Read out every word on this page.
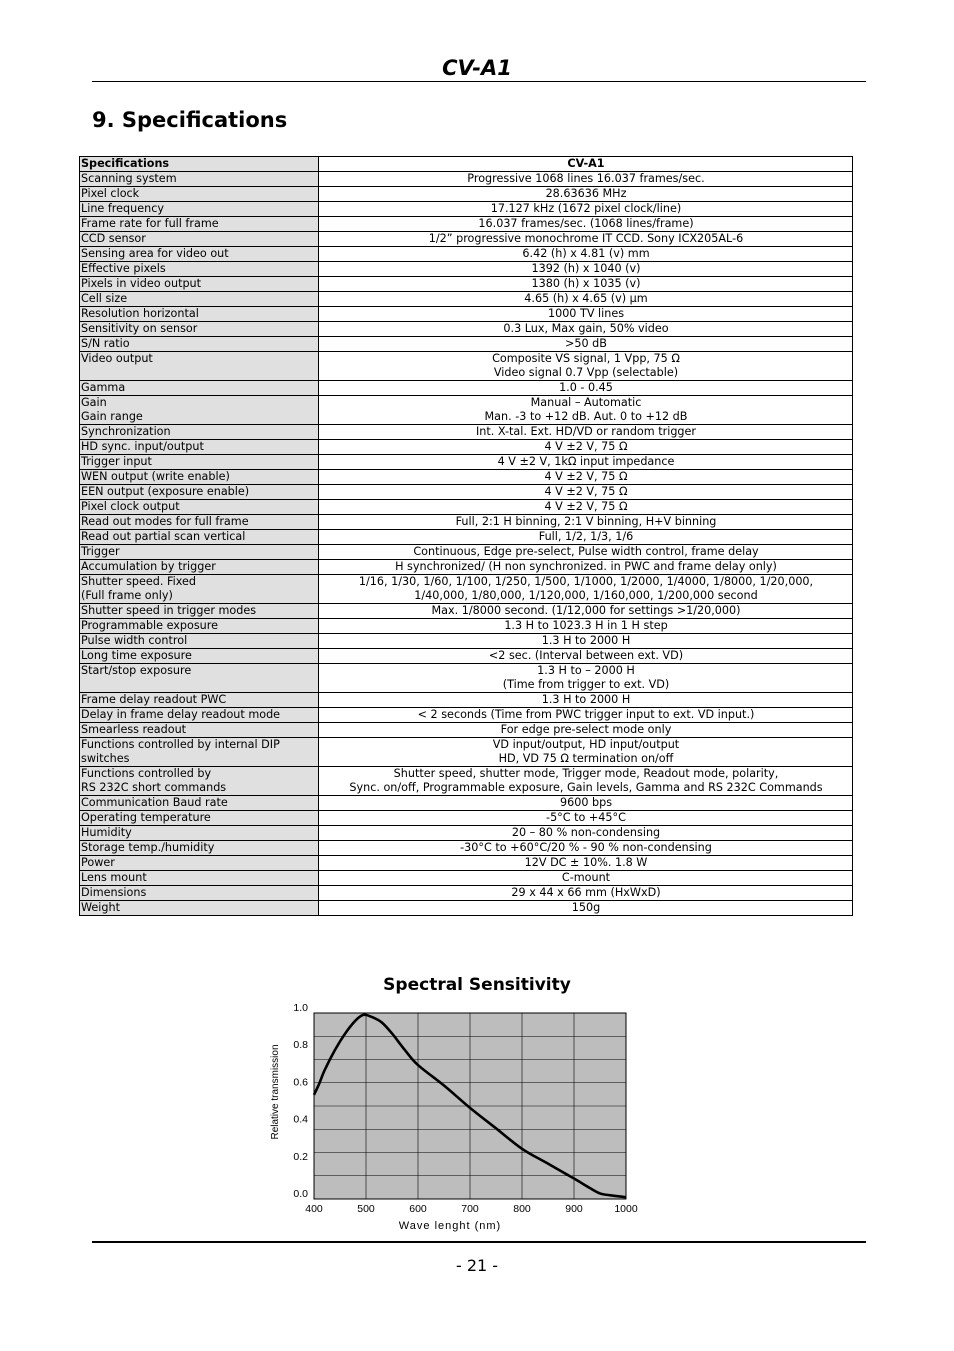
CV-A1
9. Specifications
Specifications	CV-A1
Scanning system	Progressive 1068 lines 16.037 frames/sec.
Pixel clock	28.63636 MHz
Line frequency	17.127 kHz (1672 pixel clock/line)
Frame rate for full frame	16.037 frames/sec. (1068 lines/frame)
CCD sensor	1/2” progressive monochrome IT CCD. Sony ICX205AL-6
Sensing area for video out	6.42 (h) x 4.81 (v) mm
Effective pixels	1392 (h) x 1040 (v)
Pixels in video output	1380 (h) x 1035 (v)
Cell size	4.65 (h) x 4.65 (v) µm
Resolution horizontal	1000 TV lines
Sensitivity on sensor	0.3 Lux, Max gain, 50% video
S/N ratio	>50 dB
Video output	Composite VS signal, 1 Vpp, 75 Ω
Video signal 0.7 Vpp (selectable)
Gamma	1.0 - 0.45
Gain
Gain range	Manual – Automatic
Man. -3 to +12 dB. Aut. 0 to +12 dB
Synchronization	Int. X-tal. Ext. HD/VD or random trigger
HD sync. input/output	4 V ±2 V, 75 Ω
Trigger input	4 V ±2 V, 1kΩ input impedance
WEN output (write enable)	4 V ±2 V, 75 Ω
EEN output (exposure enable)	4 V ±2 V, 75 Ω
Pixel clock output	4 V ±2 V, 75 Ω
Read out modes for full frame	Full, 2:1 H binning, 2:1 V binning, H+V binning
Read out partial scan vertical	Full, 1/2, 1/3, 1/6
Trigger	Continuous, Edge pre-select, Pulse width control, frame delay
Accumulation by trigger	H synchronized/ (H non synchronized. in PWC and frame delay only)
Shutter speed. Fixed
(Full frame only)	1/16, 1/30, 1/60, 1/100, 1/250, 1/500, 1/1000, 1/2000, 1/4000, 1/8000, 1/20,000,
1/40,000, 1/80,000, 1/120,000, 1/160,000, 1/200,000 second
Shutter speed in trigger modes	Max. 1/8000 second. (1/12,000 for settings >1/20,000)
Programmable exposure	1.3 H to 1023.3 H in 1 H step
Pulse width control	1.3 H to 2000 H
Long time exposure	<2 sec. (Interval between ext. VD)
Start/stop exposure	1.3 H to – 2000 H
(Time from trigger to ext. VD)
Frame delay readout PWC	1.3 H to 2000 H
Delay in frame delay readout mode	< 2 seconds (Time from PWC trigger input to ext. VD input.)
Smearless readout	For edge pre-select mode only
Functions controlled by internal DIP
switches	VD input/output, HD input/output
HD, VD 75 Ω termination on/off
Functions controlled by
RS 232C short commands	Shutter speed, shutter mode, Trigger mode, Readout mode, polarity,
Sync. on/off, Programmable exposure, Gain levels, Gamma and RS 232C Commands
Communication Baud rate	9600 bps
Operating temperature	-5°C to +45°C
Humidity	20 – 80 % non-condensing
Storage temp./humidity	-30°C to +60°C/20 % - 90 % non-condensing
Power	12V DC ± 10%. 1.8 W
Lens mount	C-mount
Dimensions	29 x 44 x 66 mm (HxWxD)
Weight	150g
Spectral Sensitivity
400	500	600	700	800	900	1000
0.0
0.2
0.4
0.6
0.8
1.0
Wave lenght (nm)
Relative transmission
- 21 -
